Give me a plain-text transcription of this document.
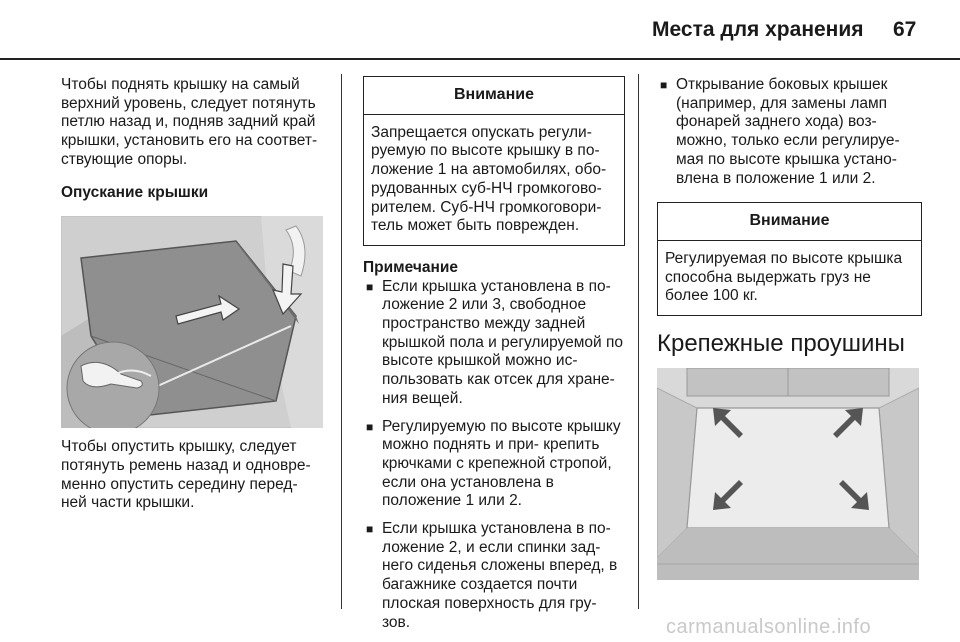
Места для хранения 67

Чтобы поднять крышку на самый верхний уровень, следует потянуть петлю назад и, подняв задний край крышки, установить его на соответ- ствующие опоры.

Опускание крышки

Чтобы опустить крышку, следует потянуть ремень назад и одновре- менно опустить середину перед- ней части крышки.

Внимание
Запрещается опускать регули- руемую по высоте крышку в по- ложение 1 на автомобилях, обо- рудованных суб-НЧ громкогово- рителем. Суб-НЧ громкоговори- тель может быть поврежден.

Примечание

■ Если крышка установлена в по- ложение 2 или 3, свободное пространство между задней крышкой пола и регулируемой по высоте крышкой можно ис- пользовать как отсек для хране- ния вещей.
■ Регулируемую по высоте крышку можно поднять и при- крепить крючками с крепежной стропой, если она установлена в положение 1 или 2.
■ Если крышка установлена в по- ложение 2, и если спинки зад- него сиденья сложены вперед, в багажнике создается почти плоская поверхность для гру- зов.
■ Открывание боковых крышек (например, для замены ламп фонарей заднего хода) воз- можно, только если регулируе- мая по высоте крышка устано- влена в положение 1 или 2.
Внимание
Регулируемая по высоте крышка способна выдержать груз не более 100 кг.

Крепежные проушины

carmanualsonline.info
